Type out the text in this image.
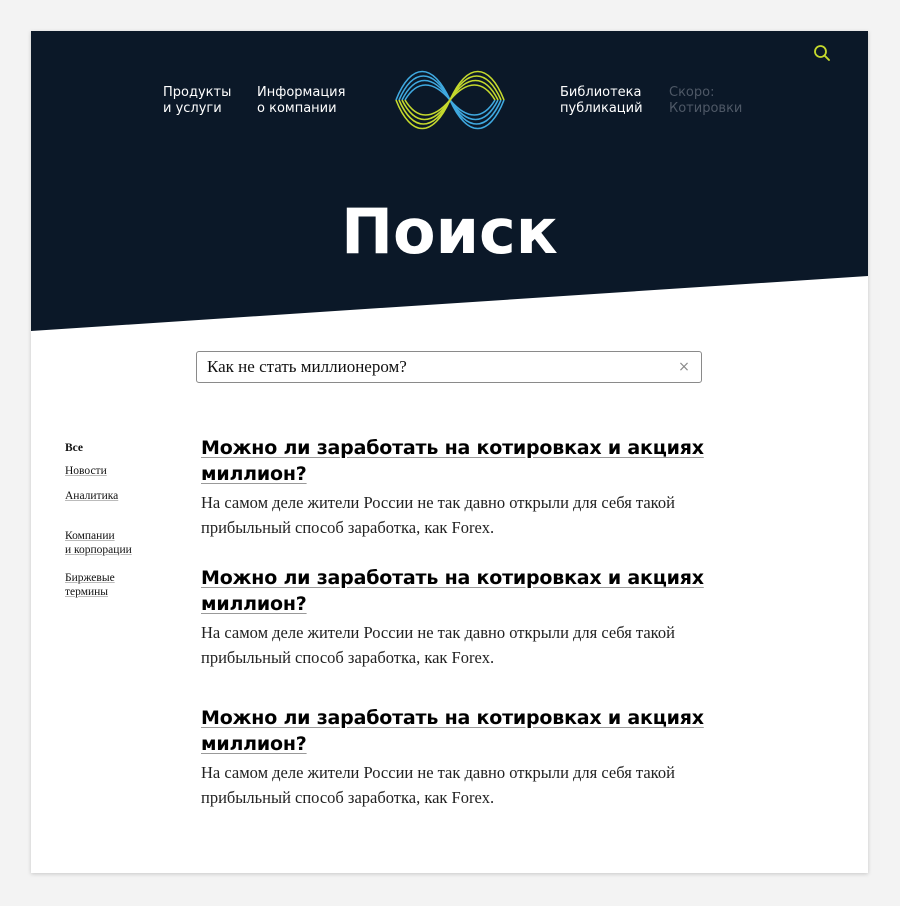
Продукты
и услуги
Информация
о компании
Библиотека
публикаций
Скоро:
Котировки
Поиск
Как не стать миллионером?
×
Все
Новости
Аналитика

Компании
и корпорации

Биржевые
термины

Можно ли заработать на котировках и акциях миллион?
На самом деле жители России не так давно открыли для себя такой прибыльный способ заработка, как Forex.
Можно ли заработать на котировках и акциях миллион?
На самом деле жители России не так давно открыли для себя такой прибыльный способ заработка, как Forex.
Можно ли заработать на котировках и акциях миллион?
На самом деле жители России не так давно открыли для себя такой прибыльный способ заработка, как Forex.
